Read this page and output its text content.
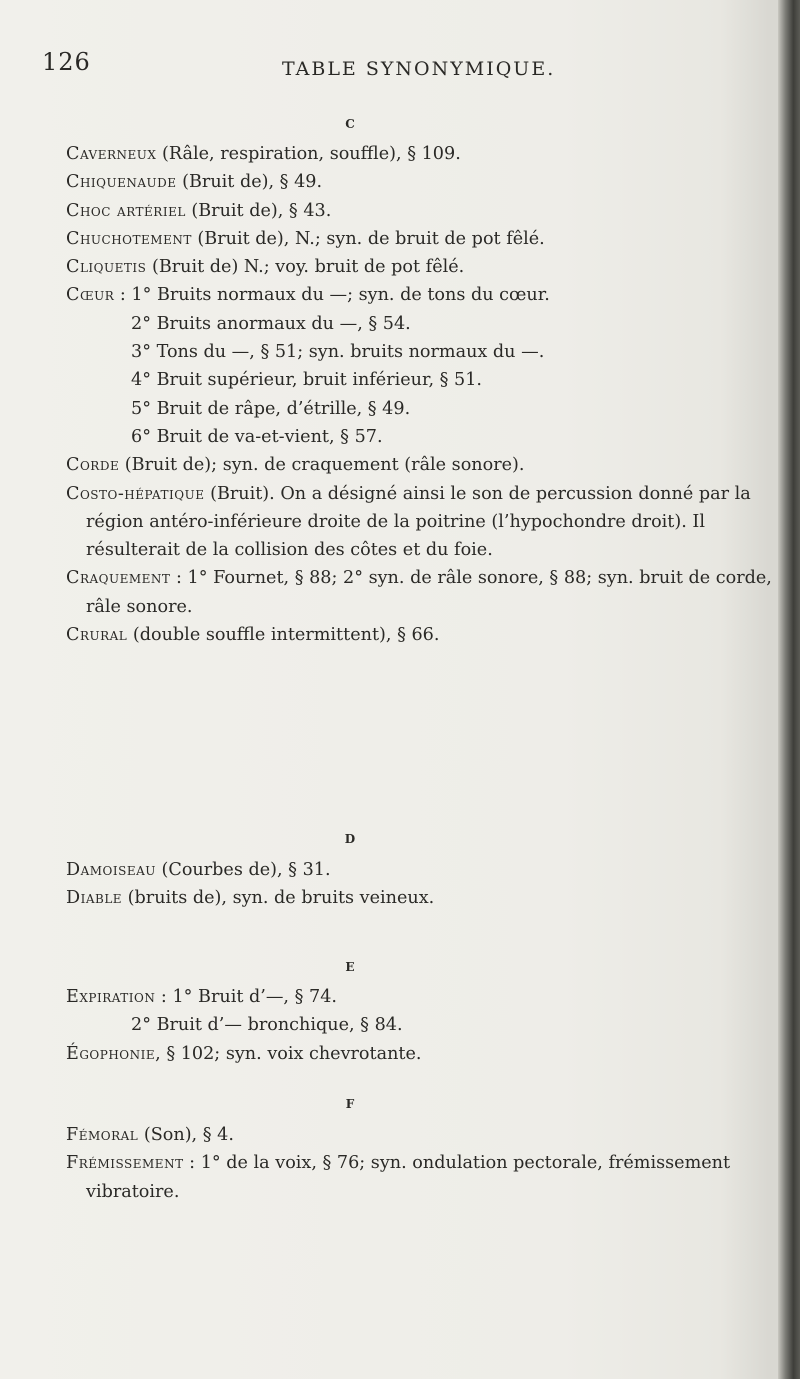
126	TABLE SYNONYMIQUE.
C

Caverneux (Râle, respiration, souffle), § 109.

Chiquenaude (Bruit de), § 49.

Choc artériel (Bruit de), § 43.

Chuchotement (Bruit de), N.; syn. de bruit de pot fêlé.

Cliquetis (Bruit de) N.; voy. bruit de pot fêlé.

Cœur : 1° Bruits normaux du —; syn. de tons du cœur.

2° Bruits anormaux du —, § 54.

3° Tons du —, § 51; syn. bruits normaux du —.

4° Bruit supérieur, bruit inférieur, § 51.

5° Bruit de râpe, d’étrille, § 49.

6° Bruit de va-et-vient, § 57.

Corde (Bruit de); syn. de craquement (râle sonore).

Costo-hépatique (Bruit). On a désigné ainsi le son de percussion donné par la région antéro-inférieure droite de la poitrine (l’hypochondre droit). Il résulterait de la collision des côtes et du foie.

Craquement : 1° Fournet, § 88; 2° syn. de râle sonore, § 88; syn. bruit de corde, râle sonore.

Crural (double souffle intermittent), § 66.

D

Damoiseau (Courbes de), § 31.

Diable (bruits de), syn. de bruits veineux.

E

Expiration : 1° Bruit d’—, § 74.

2° Bruit d’— bronchique, § 84.

Égophonie, § 102; syn. voix chevrotante.

F

Fémoral (Son), § 4.

Frémissement : 1° de la voix, § 76; syn. ondulation pectorale, frémissement vibratoire.
